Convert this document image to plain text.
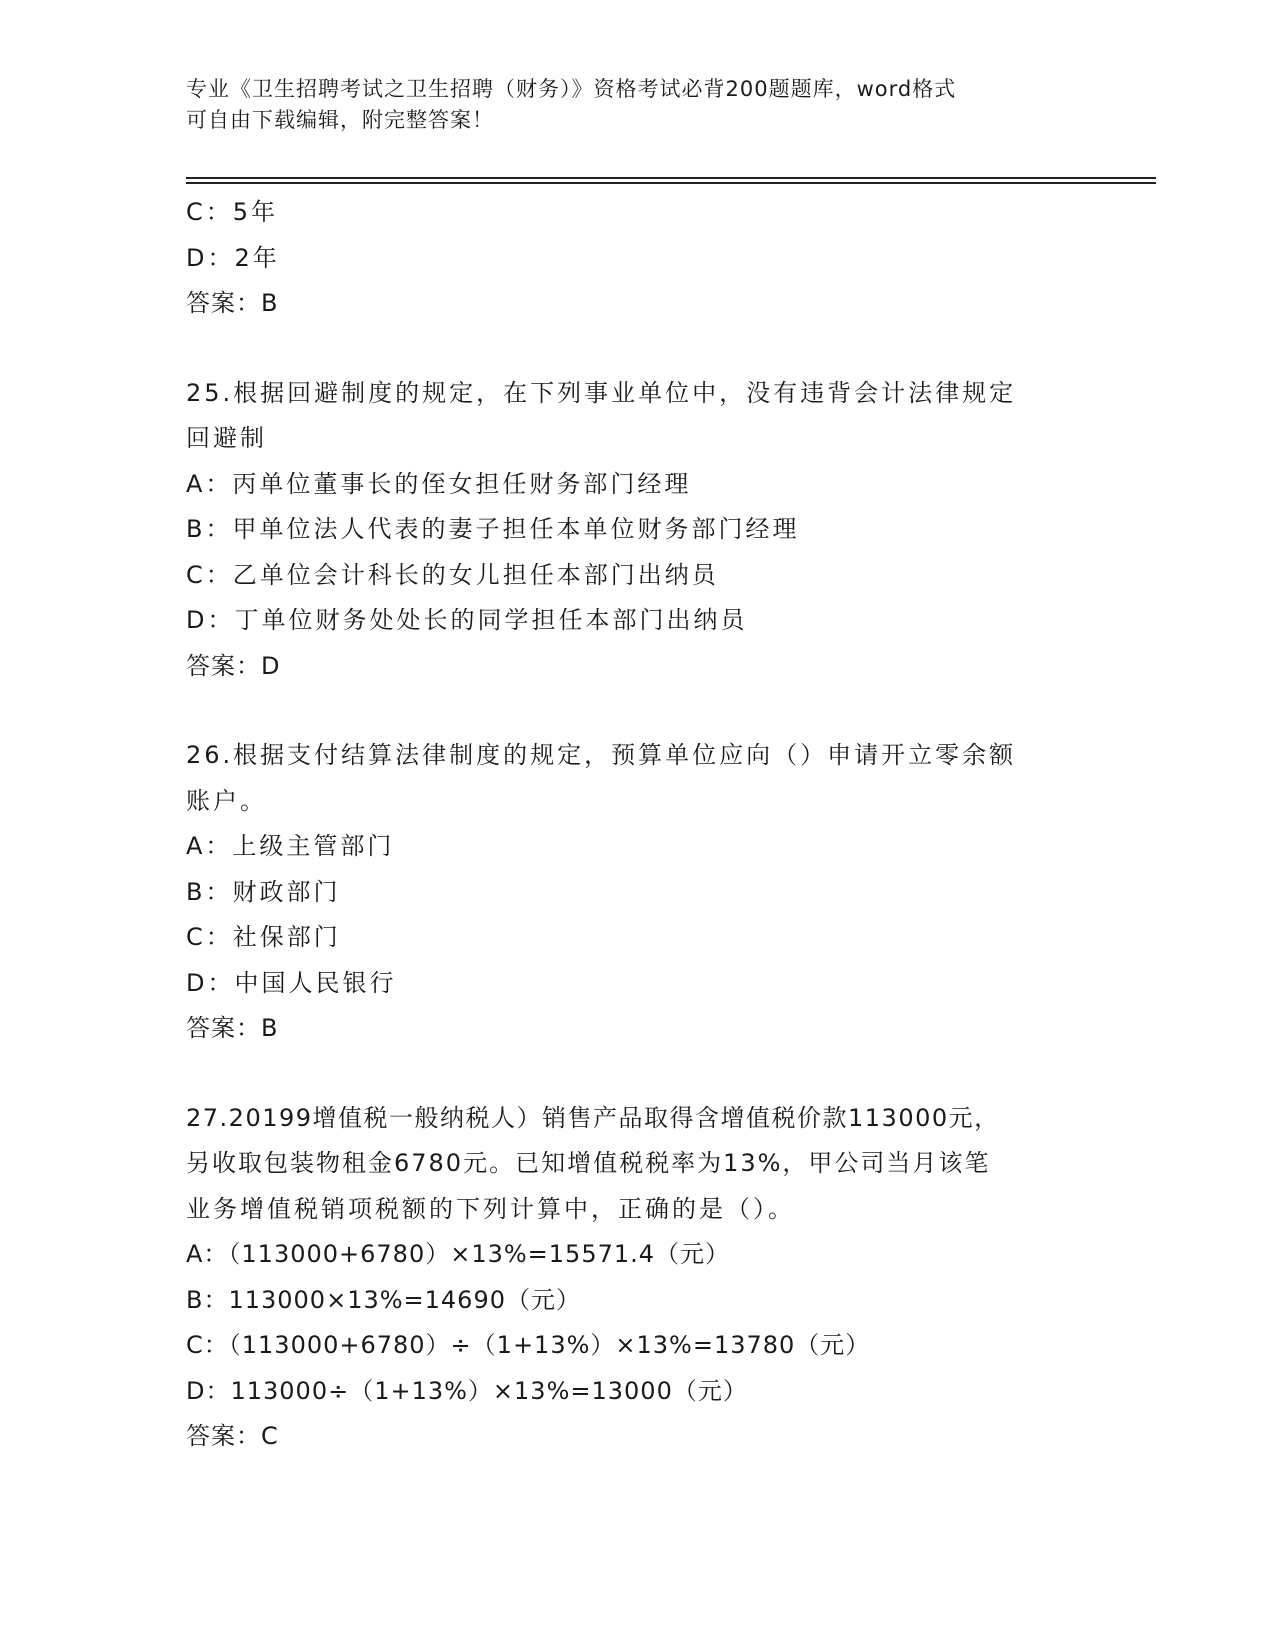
专业《卫生招聘考试之卫生招聘（财务）》资格考试必背200题题库，word格式
可自由下载编辑，附完整答案！
C：5年
D：2年
答案：B
25.根据回避制度的规定，在下列事业单位中，没有违背会计法律规定
回避制
A：丙单位董事长的侄女担任财务部门经理
B：甲单位法人代表的妻子担任本单位财务部门经理
C：乙单位会计科长的女儿担任本部门出纳员
D：丁单位财务处处长的同学担任本部门出纳员
答案：D
26.根据支付结算法律制度的规定，预算单位应向（）申请开立零余额
账户。
A：上级主管部门
B：财政部门
C：社保部门
D：中国人民银行
答案：B
27.20199增值税一般纳税人）销售产品取得含增值税价款113000元，
另收取包装物租金6780元。已知增值税税率为13%，甲公司当月该笔
业务增值税销项税额的下列计算中，正确的是（）。
A：（113000+6780）×13%=15571.4（元）
B：113000×13%=14690（元）
C：（113000+6780）÷（1+13%）×13%=13780（元）
D：113000÷（1+13%）×13%=13000（元）
答案：C
